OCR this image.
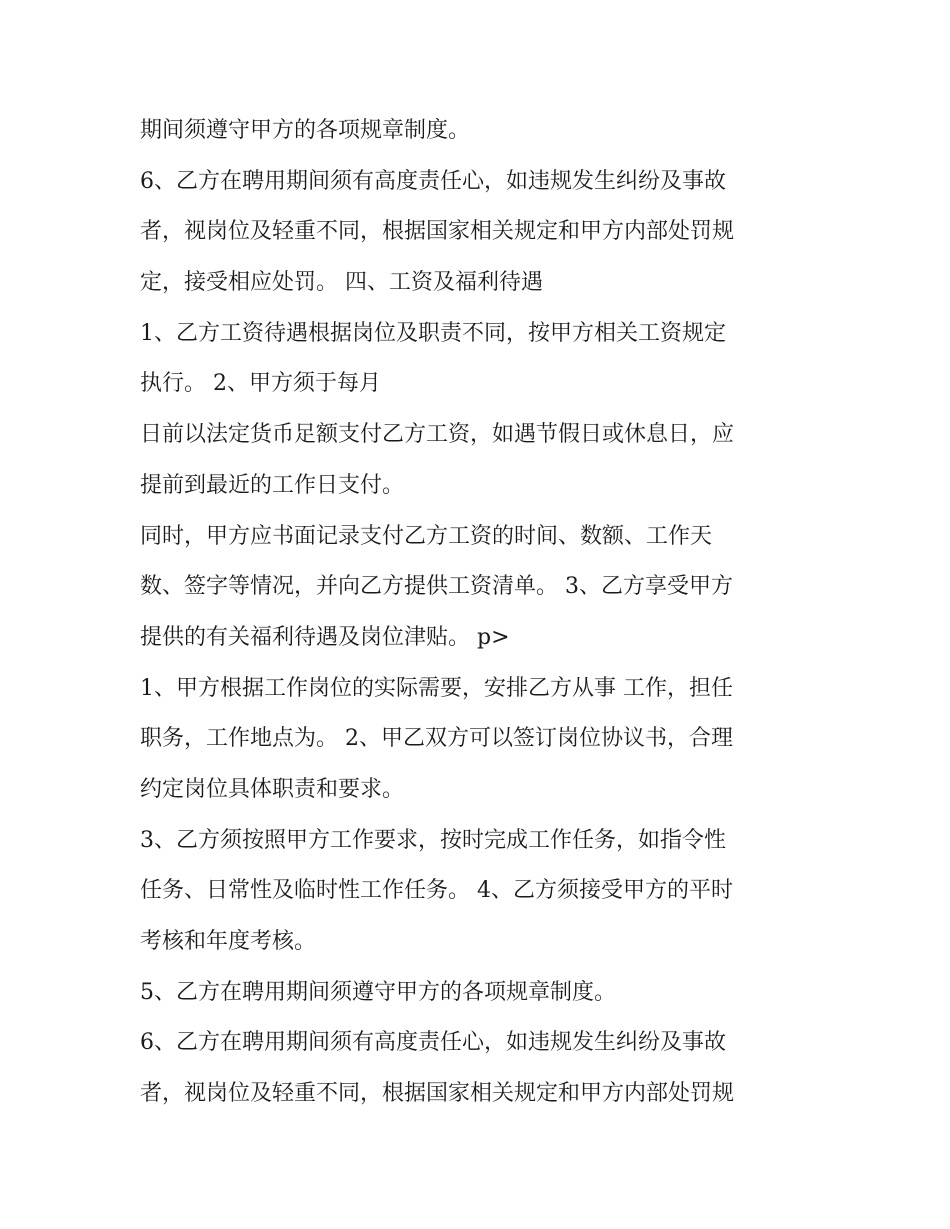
期间须遵守甲方的各项规章制度。
6、乙方在聘用期间须有高度责任心，如违规发生纠纷及事故
者，视岗位及轻重不同，根据国家相关规定和甲方内部处罚规
定，接受相应处罚。 四、工资及福利待遇
1、乙方工资待遇根据岗位及职责不同，按甲方相关工资规定
执行。 2、甲方须于每月
日前以法定货币足额支付乙方工资，如遇节假日或休息日，应
提前到最近的工作日支付。
同时，甲方应书面记录支付乙方工资的时间、数额、工作天
数、签字等情况，并向乙方提供工资清单。 3、乙方享受甲方
提供的有关福利待遇及岗位津贴。 p>
1、甲方根据工作岗位的实际需要，安排乙方从事 工作，担任
职务，工作地点为。 2、甲乙双方可以签订岗位协议书，合理
约定岗位具体职责和要求。
3、乙方须按照甲方工作要求，按时完成工作任务，如指令性
任务、日常性及临时性工作任务。 4、乙方须接受甲方的平时
考核和年度考核。
5、乙方在聘用期间须遵守甲方的各项规章制度。
6、乙方在聘用期间须有高度责任心，如违规发生纠纷及事故
者，视岗位及轻重不同，根据国家相关规定和甲方内部处罚规
